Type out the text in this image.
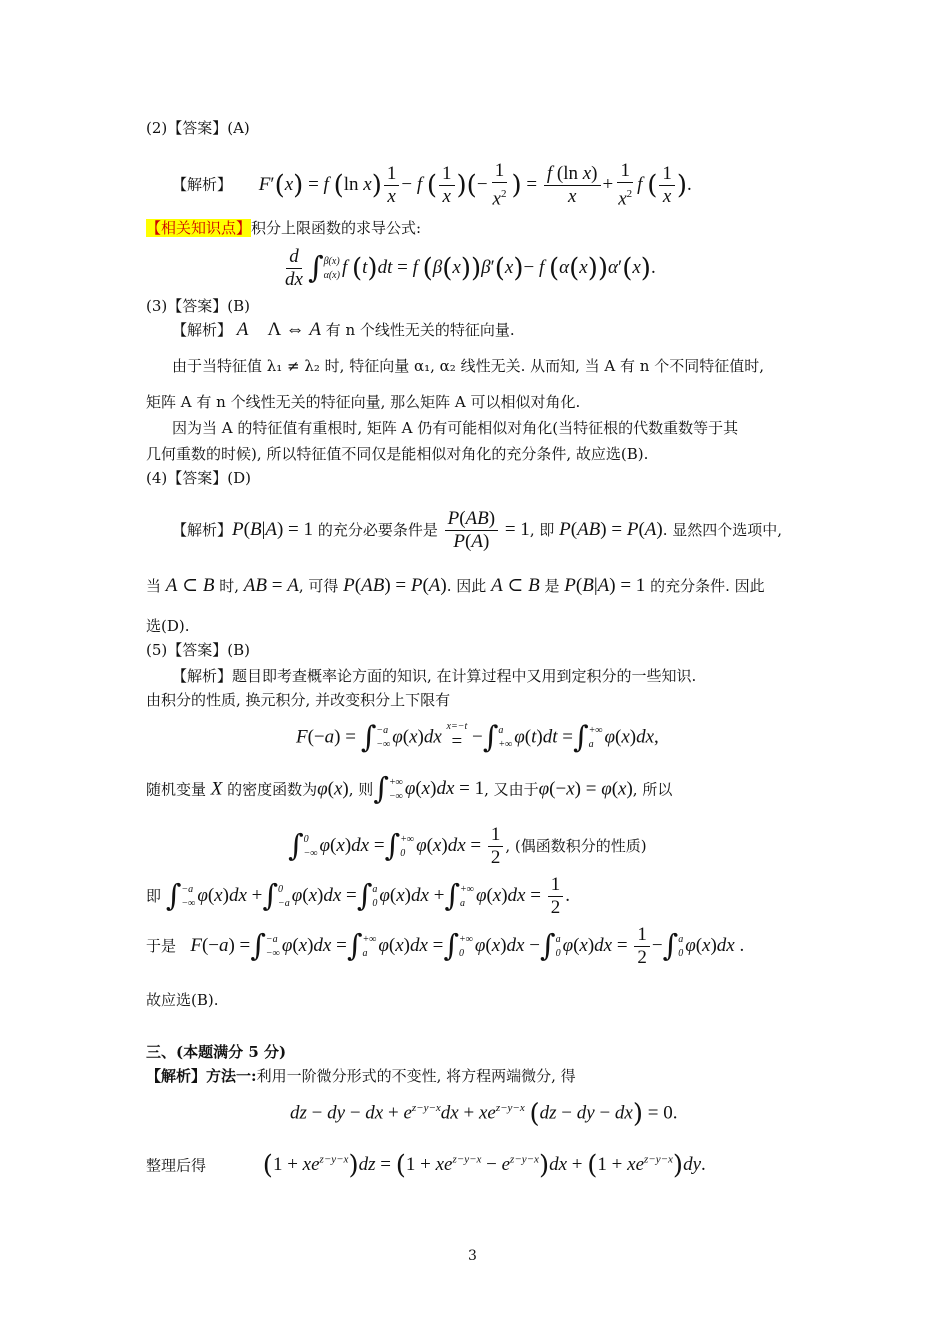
(2)【答案】(A)
【解析】 F′(x) = f (ln $x) \frac{1}{x} - f$ ( $\frac{1}{x}$ )(− $\frac{1}{x^2}$ ) = $\frac{\text{f (ln x)}}{x} + \frac{1}{x^2}$ f ( $\frac{1}{x}$ ).
【相关知识点】积分上限函数的求导公式:
$\frac{d}{dx}$ ∫ β(x)
α(x) f (t)dt = f (β(x))β′(x)− f (α(x))α′(x).
(3)【答案】(B)
【解析】 A Λ ⇔ A 有 n 个线性无关的特征向量.
由于当特征值 λ₁ ≠ λ₂ 时, 特征向量 α₁, α₂ 线性无关. 从而知, 当 A 有 n 个不同特征值时,
矩阵 A 有 n 个线性无关的特征向量, 那么矩阵 A 可以相似对角化.
因为当 A 的特征值有重根时, 矩阵 A 仍有可能相似对角化(当特征根的代数重数等于其
几何重数的时候), 所以特征值不同仅是能相似对角化的充分条件, 故应选(B).
(4)【答案】(D)
【解析】P(B|A) = 1 的充分必要条件是 $\frac{P(AB)}{P(A)} = 1$, 即 P(AB) = P(A). 显然四个选项中,
当 A ⊂ B 时, AB = A, 可得 P(AB) = P(A). 因此 A ⊂ B 是 P(B|A) = 1 的充分条件. 因此
选(D).
(5)【答案】(B)
【解析】题目即考查概率论方面的知识, 在计算过程中又用到定积分的一些知识.
由积分的性质, 换元积分, 并改变积分上下限有
F(−a) = ∫ −a
−∞ φ(x)dx x=−t
= −∫ a
+∞ φ(t)dt =∫ +∞
a φ(x)dx,
随机变量 X 的密度函数为φ(x), 则∫ +∞
−∞ φ(x)dx = 1, 又由于φ(−x) = φ(x), 所以
∫ 0
−∞ φ(x)dx =∫ +∞
0 $\varphi(x)dx = \frac{1}{2}$ , (偶函数积分的性质)
即 ∫ −a
−∞ φ(x)dx +∫ 0
−a φ(x)dx =∫ a
0 φ(x)dx +∫ +∞
a $\varphi(x)dx = \frac{1}{2}$ .
于是 F(−a) =∫ −a
−∞ φ(x)dx =∫ +∞
a φ(x)dx =∫ +∞
0 φ(x)dx −∫ a
0 $\varphi(x)dx = \frac{1}{2}$ −∫ a
0 φ(x)dx .
故应选(B).
三、(本题满分 5 分)
【解析】方法一:利用一阶微分形式的不变性, 将方程两端微分, 得
dz − dy − dx + $e^{z-y-x}dx + xe^{z-y-x}$ (dz − dy − dx) = 0.
整理后得 $(1 + xe^{z-y-x})dz = (1 + xe^{z-y-x} - e^{z-y-x})dx + (1 + xe^{z-y-x})dy$.
3
